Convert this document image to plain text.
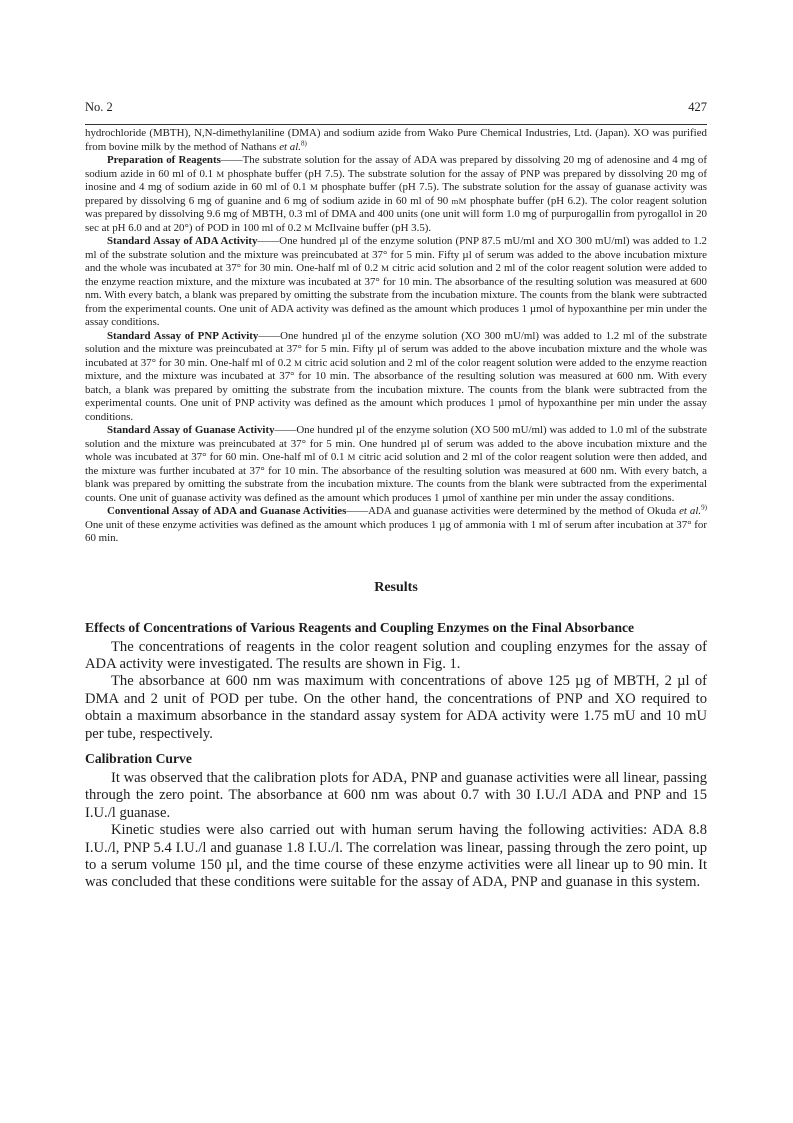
No. 2	427

hydrochloride (MBTH), N,N-dimethylaniline (DMA) and sodium azide from Wako Pure Chemical Industries, Ltd. (Japan). XO was purified from bovine milk by the method of Nathans et al.$^{8)}$

Preparation of Reagents——The substrate solution for the assay of ADA was prepared by dissolving 20 mg of adenosine and 4 mg of sodium azide in 60 ml of 0.1 M phosphate buffer (pH 7.5). The substrate solution for the assay of PNP was prepared by dissolving 20 mg of inosine and 4 mg of sodium azide in 60 ml of 0.1 M phosphate buffer (pH 7.5). The substrate solution for the assay of guanase activity was prepared by dissolving 6 mg of guanine and 6 mg of sodium azide in 60 ml of 90 mM phosphate buffer (pH 6.2). The color reagent solution was prepared by dissolving 9.6 mg of MBTH, 0.3 ml of DMA and 400 units (one unit will form 1.0 mg of purpurogallin from pyrogallol in 20 sec at pH 6.0 and at 20°) of POD in 100 ml of 0.2 M McIlvaine buffer (pH 3.5).

Standard Assay of ADA Activity——One hundred µl of the enzyme solution (PNP 87.5 mU/ml and XO 300 mU/ml) was added to 1.2 ml of the substrate solution and the mixture was preincubated at 37° for 5 min. Fifty µl of serum was added to the above incubation mixture and the whole was incubated at 37° for 30 min. One-half ml of 0.2 M citric acid solution and 2 ml of the color reagent solution were added to the enzyme reaction mixture, and the mixture was incubated at 37° for 10 min. The absorbance of the resulting solution was measured at 600 nm. With every batch, a blank was prepared by omitting the substrate from the incubation mixture. The counts from the blank were subtracted from the experimental counts. One unit of ADA activity was defined as the amount which produces 1 µmol of hypoxanthine per min under the assay conditions.

Standard Assay of PNP Activity——One hundred µl of the enzyme solution (XO 300 mU/ml) was added to 1.2 ml of the substrate solution and the mixture was preincubated at 37° for 5 min. Fifty µl of serum was added to the above incubation mixture and the whole was incubated at 37° for 30 min. One-half ml of 0.2 M citric acid solution and 2 ml of the color reagent solution were added to the enzyme reaction mixture, and the mixture was incubated at 37° for 10 min. The absorbance of the resulting solution was measured at 600 nm. With every batch, a blank was prepared by omitting the substrate from the incubation mixture. The counts from the blank were subtracted from the experimental counts. One unit of PNP activity was defined as the amount which produces 1 µmol of hypoxanthine per min under the assay conditions.

Standard Assay of Guanase Activity——One hundred µl of the enzyme solution (XO 500 mU/ml) was added to 1.0 ml of the substrate solution and the mixture was preincubated at 37° for 5 min. One hundred µl of serum was added to the above incubation mixture and the whole was incubated at 37° for 60 min. One-half ml of 0.1 M citric acid solution and 2 ml of the color reagent solution were then added, and the mixture was further incubated at 37° for 10 min. The absorbance of the resulting solution was measured at 600 nm. With every batch, a blank was prepared by omitting the substrate from the incubation mixture. The counts from the blank were subtracted from the experimental counts. One unit of guanase activity was defined as the amount which produces 1 µmol of xanthine per min under the assay conditions.

Conventional Assay of ADA and Guanase Activities——ADA and guanase activities were determined by the method of Okuda et al.$^{9)}$ One unit of these enzyme activities was defined as the amount which produces 1 µg of ammonia with 1 ml of serum after incubation at 37° for 60 min.

Results
Effects of Concentrations of Various Reagents and Coupling Enzymes on the Final Absorbance

The concentrations of reagents in the color reagent solution and coupling enzymes for the assay of ADA activity were investigated. The results are shown in Fig. 1.

The absorbance at 600 nm was maximum with concentrations of above 125 µg of MBTH, 2 µl of DMA and 2 unit of POD per tube. On the other hand, the concentrations of PNP and XO required to obtain a maximum absorbance in the standard assay system for ADA activity were 1.75 mU and 10 mU per tube, respectively.

Calibration Curve

It was observed that the calibration plots for ADA, PNP and guanase activities were all linear, passing through the zero point. The absorbance at 600 nm was about 0.7 with 30 I.U./l ADA and PNP and 15 I.U./l guanase.

Kinetic studies were also carried out with human serum having the following activities: ADA 8.8 I.U./l, PNP 5.4 I.U./l and guanase 1.8 I.U./l. The correlation was linear, passing through the zero point, up to a serum volume 150 µl, and the time course of these enzyme activities were all linear up to 90 min. It was concluded that these conditions were suitable for the assay of ADA, PNP and guanase in this system.
